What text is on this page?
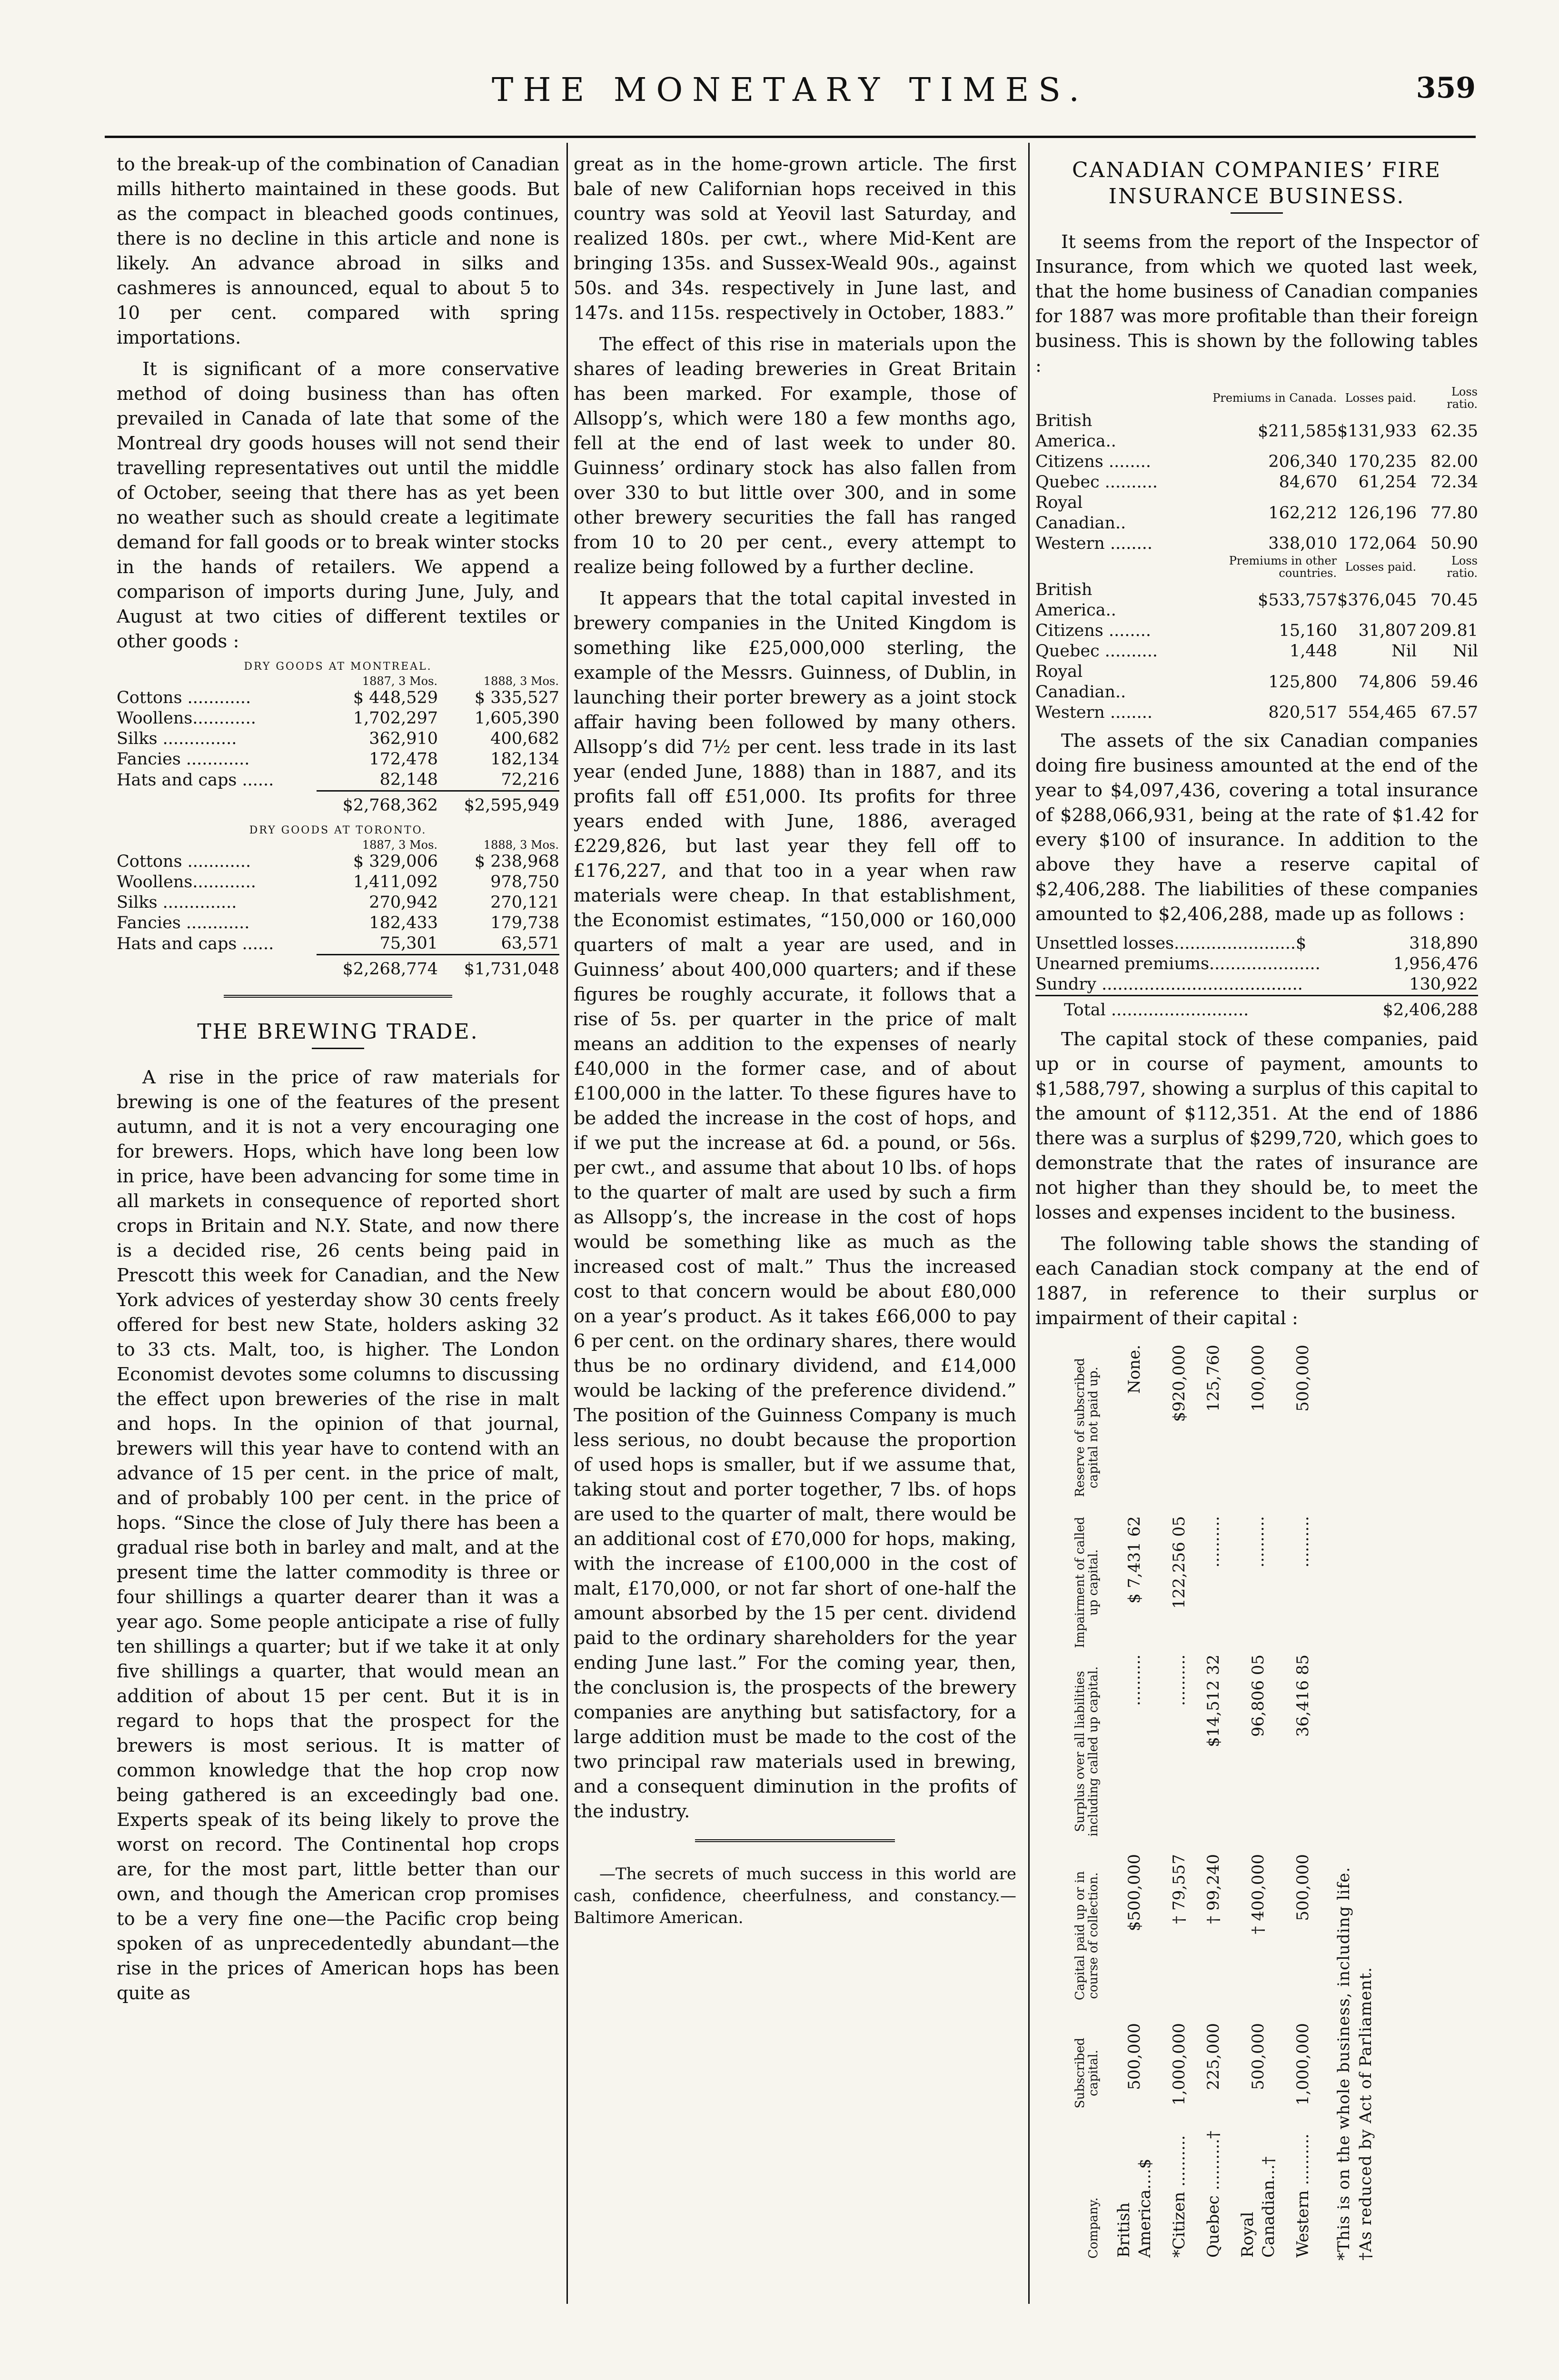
THE MONETARY TIMES.	359

to the break-up of the combination of Canadian mills hitherto maintained in these goods. But as the compact in bleached goods continues, there is no decline in this article and none is likely. An advance abroad in silks and cashmeres is announced, equal to about 5 to 10 per cent. compared with spring importations.

It is significant of a more conservative method of doing business than has often prevailed in Canada of late that some of the Montreal dry goods houses will not send their travelling representatives out until the middle of October, seeing that there has as yet been no weather such as should create a legitimate demand for fall goods or to break winter stocks in the hands of retailers. We append a comparison of imports during June, July, and August at two cities of different textiles or other goods :

DRY GOODS AT MONTREAL.
	1887, 3 Mos.	1888, 3 Mos.
Cottons ............	$ 448,529	$ 335,527
Woollens............	1,702,297	1,605,390
Silks ..............	362,910	400,682
Fancies ............	172,478	182,134
Hats and caps ......	82,148	72,216
	$2,768,362	$2,595,949
DRY GOODS AT TORONTO.
	1887, 3 Mos.	1888, 3 Mos.
Cottons ............	$ 329,006	$ 238,968
Woollens............	1,411,092	978,750
Silks ..............	270,942	270,121
Fancies ............	182,433	179,738
Hats and caps ......	75,301	63,571
	$2,268,774	$1,731,048
THE BREWING TRADE.

A rise in the price of raw materials for brewing is one of the features of the present autumn, and it is not a very encouraging one for brewers. Hops, which have long been low in price, have been advancing for some time in all markets in consequence of reported short crops in Britain and N.Y. State, and now there is a decided rise, 26 cents being paid in Prescott this week for Canadian, and the New York advices of yesterday show 30 cents freely offered for best new State, holders asking 32 to 33 cts. Malt, too, is higher. The London Economist devotes some columns to discussing the effect upon breweries of the rise in malt and hops. In the opinion of that journal, brewers will this year have to contend with an advance of 15 per cent. in the price of malt, and of probably 100 per cent. in the price of hops. “Since the close of July there has been a gradual rise both in barley and malt, and at the present time the latter commodity is three or four shillings a quarter dearer than it was a year ago. Some people anticipate a rise of fully ten shillings a quarter; but if we take it at only five shillings a quarter, that would mean an addition of about 15 per cent. But it is in regard to hops that the prospect for the brewers is most serious. It is matter of common knowledge that the hop crop now being gathered is an exceedingly bad one. Experts speak of its being likely to prove the worst on record. The Continental hop crops are, for the most part, little better than our own, and though the American crop promises to be a very fine one—the Pacific crop being spoken of as unprecedentedly abundant—the rise in the prices of American hops has been quite as

great as in the home-grown article. The first bale of new Californian hops received in this country was sold at Yeovil last Saturday, and realized 180s. per cwt., where Mid-Kent are bringing 135s. and Sussex-Weald 90s., against 50s. and 34s. respectively in June last, and 147s. and 115s. respectively in October, 1883.”

The effect of this rise in materials upon the shares of leading breweries in Great Britain has been marked. For example, those of Allsopp’s, which were 180 a few months ago, fell at the end of last week to under 80. Guinness’ ordinary stock has also fallen from over 330 to but little over 300, and in some other brewery securities the fall has ranged from 10 to 20 per cent., every attempt to realize being followed by a further decline.

It appears that the total capital invested in brewery companies in the United Kingdom is something like £25,000,000 sterling, the example of the Messrs. Guinness, of Dublin, in launching their porter brewery as a joint stock affair having been followed by many others. Allsopp’s did 7½ per cent. less trade in its last year (ended June, 1888) than in 1887, and its profits fall off £51,000. Its profits for three years ended with June, 1886, averaged £229,826, but last year they fell off to £176,227, and that too in a year when raw materials were cheap. In that establishment, the Economist estimates, “150,000 or 160,000 quarters of malt a year are used, and in Guinness’ about 400,000 quarters; and if these figures be roughly accurate, it follows that a rise of 5s. per quarter in the price of malt means an addition to the expenses of nearly £40,000 in the former case, and of about £100,000 in the latter. To these figures have to be added the increase in the cost of hops, and if we put the increase at 6d. a pound, or 56s. per cwt., and assume that about 10 lbs. of hops to the quarter of malt are used by such a firm as Allsopp’s, the increase in the cost of hops would be something like as much as the increased cost of malt.” Thus the increased cost to that concern would be about £80,000 on a year’s product. As it takes £66,000 to pay 6 per cent. on the ordinary shares, there would thus be no ordinary dividend, and £14,000 would be lacking of the preference dividend.” The position of the Guinness Company is much less serious, no doubt because the proportion of used hops is smaller, but if we assume that, taking stout and porter together, 7 lbs. of hops are used to the quarter of malt, there would be an additional cost of £70,000 for hops, making, with the increase of £100,000 in the cost of malt, £170,000, or not far short of one-half the amount absorbed by the 15 per cent. dividend paid to the ordinary shareholders for the year ending June last.” For the coming year, then, the conclusion is, the prospects of the brewery companies are anything but satisfactory, for a large addition must be made to the cost of the two principal raw materials used in brewing, and a consequent diminution in the profits of the industry.

—The secrets of much success in this world are cash, confidence, cheerfulness, and constancy.—Baltimore American.
CANADIAN COMPANIES’ FIRE INSURANCE BUSINESS.

It seems from the report of the Inspector of Insurance, from which we quoted last week, that the home business of Canadian companies for 1887 was more profitable than their foreign business. This is shown by the following tables :

	Premiums in Canada.	Losses paid.	Loss ratio.
British America..	$211,585	$131,933	62.35
Citizens ........	206,340	170,235	82.00
Quebec ..........	84,670	61,254	72.34
Royal Canadian..	162,212	126,196	77.80
Western ........	338,010	172,064	50.90
	Premiums in other countries.	Losses paid.	Loss ratio.
British America..	$533,757	$376,045	70.45
Citizens ........	15,160	31,807	209.81
Quebec ..........	1,448	Nil	Nil
Royal Canadian..	125,800	74,806	59.46
Western ........	820,517	554,465	67.57

The assets of the six Canadian companies doing fire business amounted at the end of the year to $4,097,436, covering a total insurance of $288,066,931, being at the rate of $1.42 for every $100 of insurance. In addition to the above they have a reserve capital of $2,406,288. The liabilities of these companies amounted to $2,406,288, made up as follows :

Unsettled losses.......................$	318,890
Unearned premiums.....................	1,956,476
Sundry ......................................	130,922
Total ..........................	$2,406,288

The capital stock of these companies, paid up or in course of payment, amounts to $1,588,797, showing a surplus of this capital to the amount of $112,351. At the end of 1886 there was a surplus of $299,720, which goes to demonstrate that the rates of insurance are not higher than they should be, to meet the losses and expenses incident to the business.

The following table shows the standing of each Canadian stock company at the end of 1887, in reference to their surplus or impairment of their capital :

Company.	Subscribed capital.	Capital paid up or in course of collection.	Surplus over all liabilities including called up capital.	Impairment of called up capital.	Reserve of subscribed capital not paid up.
British America....$	500,000	$500,000	..........	$ 7,431 62	None.
*Citizen ..........	1,000,000	† 79,557	..........	122,256 05	$920,000
Quebec ..........†	225,000	† 99,240	$14,512 32	..........	125,760
Royal Canadian...†	500,000	† 400,000	96,806 05	..........	100,000
Western ..........	1,000,000	500,000	36,416 85	..........	500,000
*This is on the whole business, including life. †As reduced by Act of Parliament.
